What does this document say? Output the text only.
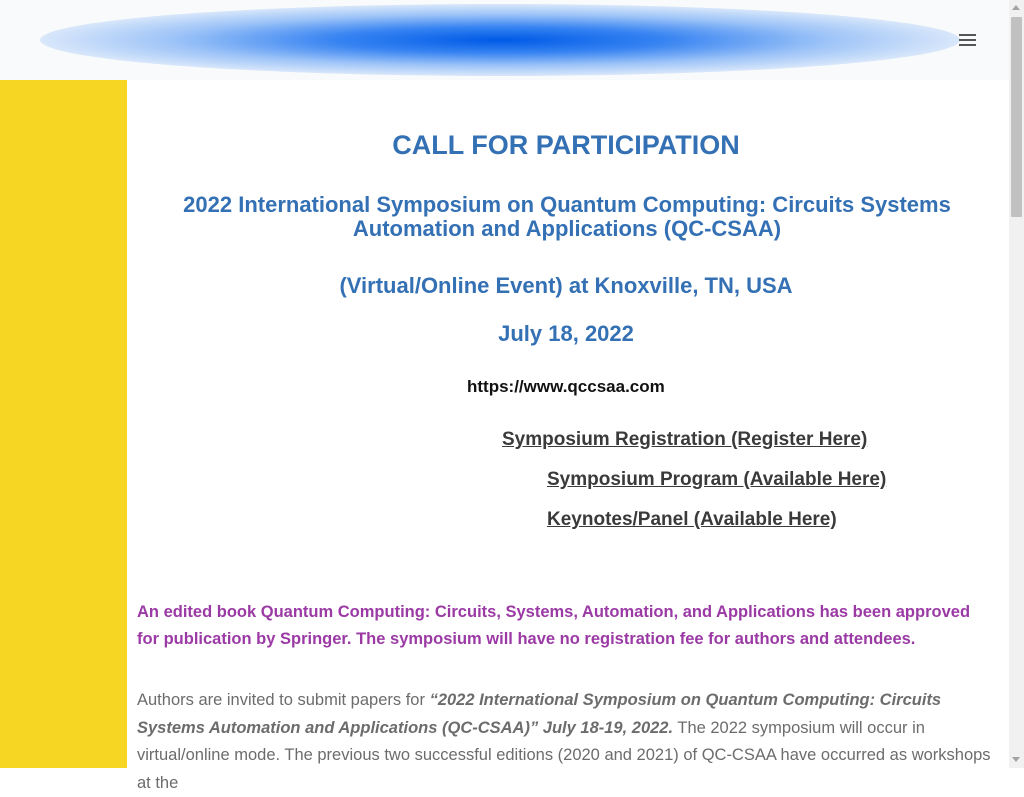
CALL FOR PARTICIPATION
2022 International Symposium on Quantum Computing: Circuits Systems
Automation and Applications (QC-CSAA)
(Virtual/Online Event) at Knoxville, TN, USA
July 18, 2022
https://www.qccsaa.com
Symposium Registration (Register Here)
Symposium Program (Available Here)
Keynotes/Panel (Available Here)

An edited book Quantum Computing: Circuits, Systems, Automation, and Applications has been approved
for publication by Springer. The symposium will have no registration fee for authors and attendees.

Authors are invited to submit papers for “2022 International Symposium on Quantum Computing: Circuits Systems Automation and Applications (QC-CSAA)” July 18-19, 2022. The 2022 symposium will occur in virtual/online mode. The previous two successful editions (2020 and 2021) of QC-CSAA have occurred as workshops at the
